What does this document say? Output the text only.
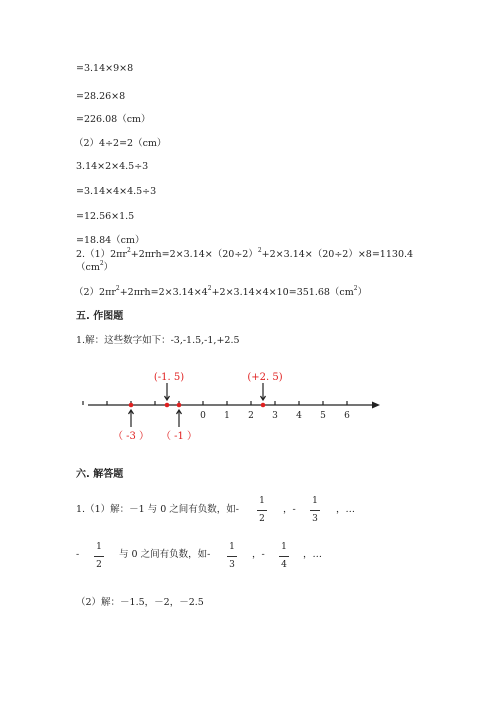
=3.14×9×8
=28.26×8
=226.08（cm）
（2）4÷2=2（cm）
3.14×2×4.5÷3
=3.14×4×4.5÷3
=12.56×1.5
=18.84（cm）
$2.(1)2\pi r^2+2\pi rh=2\times 3.14\times(20\div 2)^2+2\times 3.14\times(20\div 2)\times 8=1130.4$
$(cm^2)$
$(2)2\pi r^2+2\pi rh=2\times 3.14\times 4^2+2\times 3.14\times 4\times 10=351.68(cm^2)$
五. 作图题
1.解：这些数字如下：-3,-1.5,-1,+2.5
0 1 2 3 4 5 6
（ -3 ）
(-1. 5)
（ -1 ）
(+2. 5)
六. 解答题
1.（1）解：－1 与 0 之间有负数，如-
1
2
，-
1
3
，…
-
1
2
与 0 之间有负数，如-
1
3
，-
1
4
，…
（2）解：－1.5，－2，－2.5
